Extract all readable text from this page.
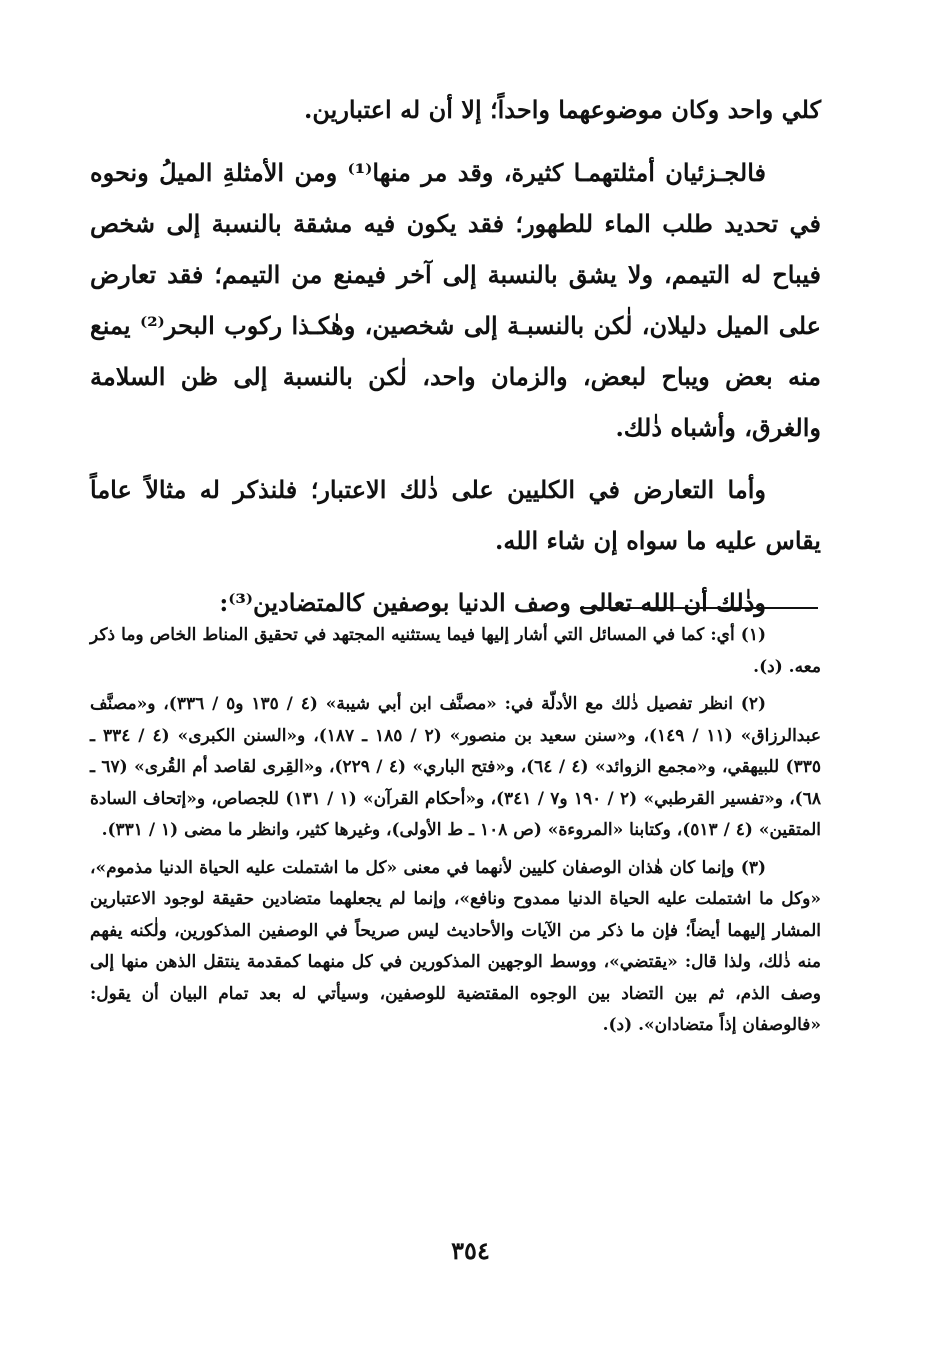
كلي واحد وكان موضوعهما واحداً؛ إلا أن له اعتبارين.

فالجـزئيان أمثلتهمـا كثيرة، وقد مر منها⁽¹⁾ ومن الأمثلةِ الميلُ ونحوه في تحديد طلب الماء للطهور؛ فقد يكون فيه مشقة بالنسبة إلى شخص فيباح له التيمم، ولا يشق بالنسبة إلى آخر فيمنع من التيمم؛ فقد تعارض على الميل دليلان، لٰكن بالنسبـة إلى شخصين، وهٰكـذا ركوب البحر⁽²⁾ يمنع منه بعض ويباح لبعض، والزمان واحد، لٰكن بالنسبة إلى ظن السلامة والغرق، وأشباه ذٰلك.

وأما التعارض في الكليين على ذٰلك الاعتبار؛ فلنذكر له مثالاً عاماً يقاس عليه ما سواه إن شاء الله.

وذٰلك أن الله تعالى وصف الدنيا بوصفين كالمتضادين⁽³⁾:

(١) أي: كما في المسائل التي أشار إليها فيما يستثنيه المجتهد في تحقيق المناط الخاص وما ذكر معه. (د).

(٢) انظر تفصيل ذٰلك مع الأدلّة في: «مصنَّف ابن أبي شيبة» (٤ / ١٣٥ و٥ / ٣٣٦)، و«مصنَّف عبدالرزاق» (١١ / ١٤٩)، و«سنن سعيد بن منصور» (٢ / ١٨٥ ـ ١٨٧)، و«السنن الكبرى» (٤ / ٣٣٤ ـ ٣٣٥) للبيهقي، و«مجمع الزوائد» (٤ / ٦٤)، و«فتح الباري» (٤ / ٢٢٩)، و«القِرى لقاصد أم القُرى» (٦٧ ـ ٦٨)، و«تفسير القرطبي» (٢ / ١٩٠ و٧ / ٣٤١)، و«أحكام القرآن» (١ / ١٣١) للجصاص، و«إتحاف السادة المتقين» (٤ / ٥١٣)، وكتابنا «المروءة» (ص ١٠٨ ـ ط الأولى)، وغيرها كثير، وانظر ما مضى (١ / ٣٣١).

(٣) وإنما كان هٰذان الوصفان كليين لأنهما في معنى «كل ما اشتملت عليه الحياة الدنيا مذموم»، «وكل ما اشتملت عليه الحياة الدنيا ممدوح ونافع»، وإنما لم يجعلهما متضادين حقيقة لوجود الاعتبارين المشار إليهما أيضاً؛ فإن ما ذكر من الآيات والأحاديث ليس صريحاً في الوصفين المذكورين، ولٰكنه يفهم منه ذٰلك، ولذا قال: «يقتضي»، ووسط الوجهين المذكورين في كل منهما كمقدمة ينتقل الذهن منها إلى وصف الذم، ثم بين التضاد بين الوجوه المقتضية للوصفين، وسيأتي له بعد تمام البيان أن يقول: «فالوصفان إذاً متضادان». (د).

٣٥٤
